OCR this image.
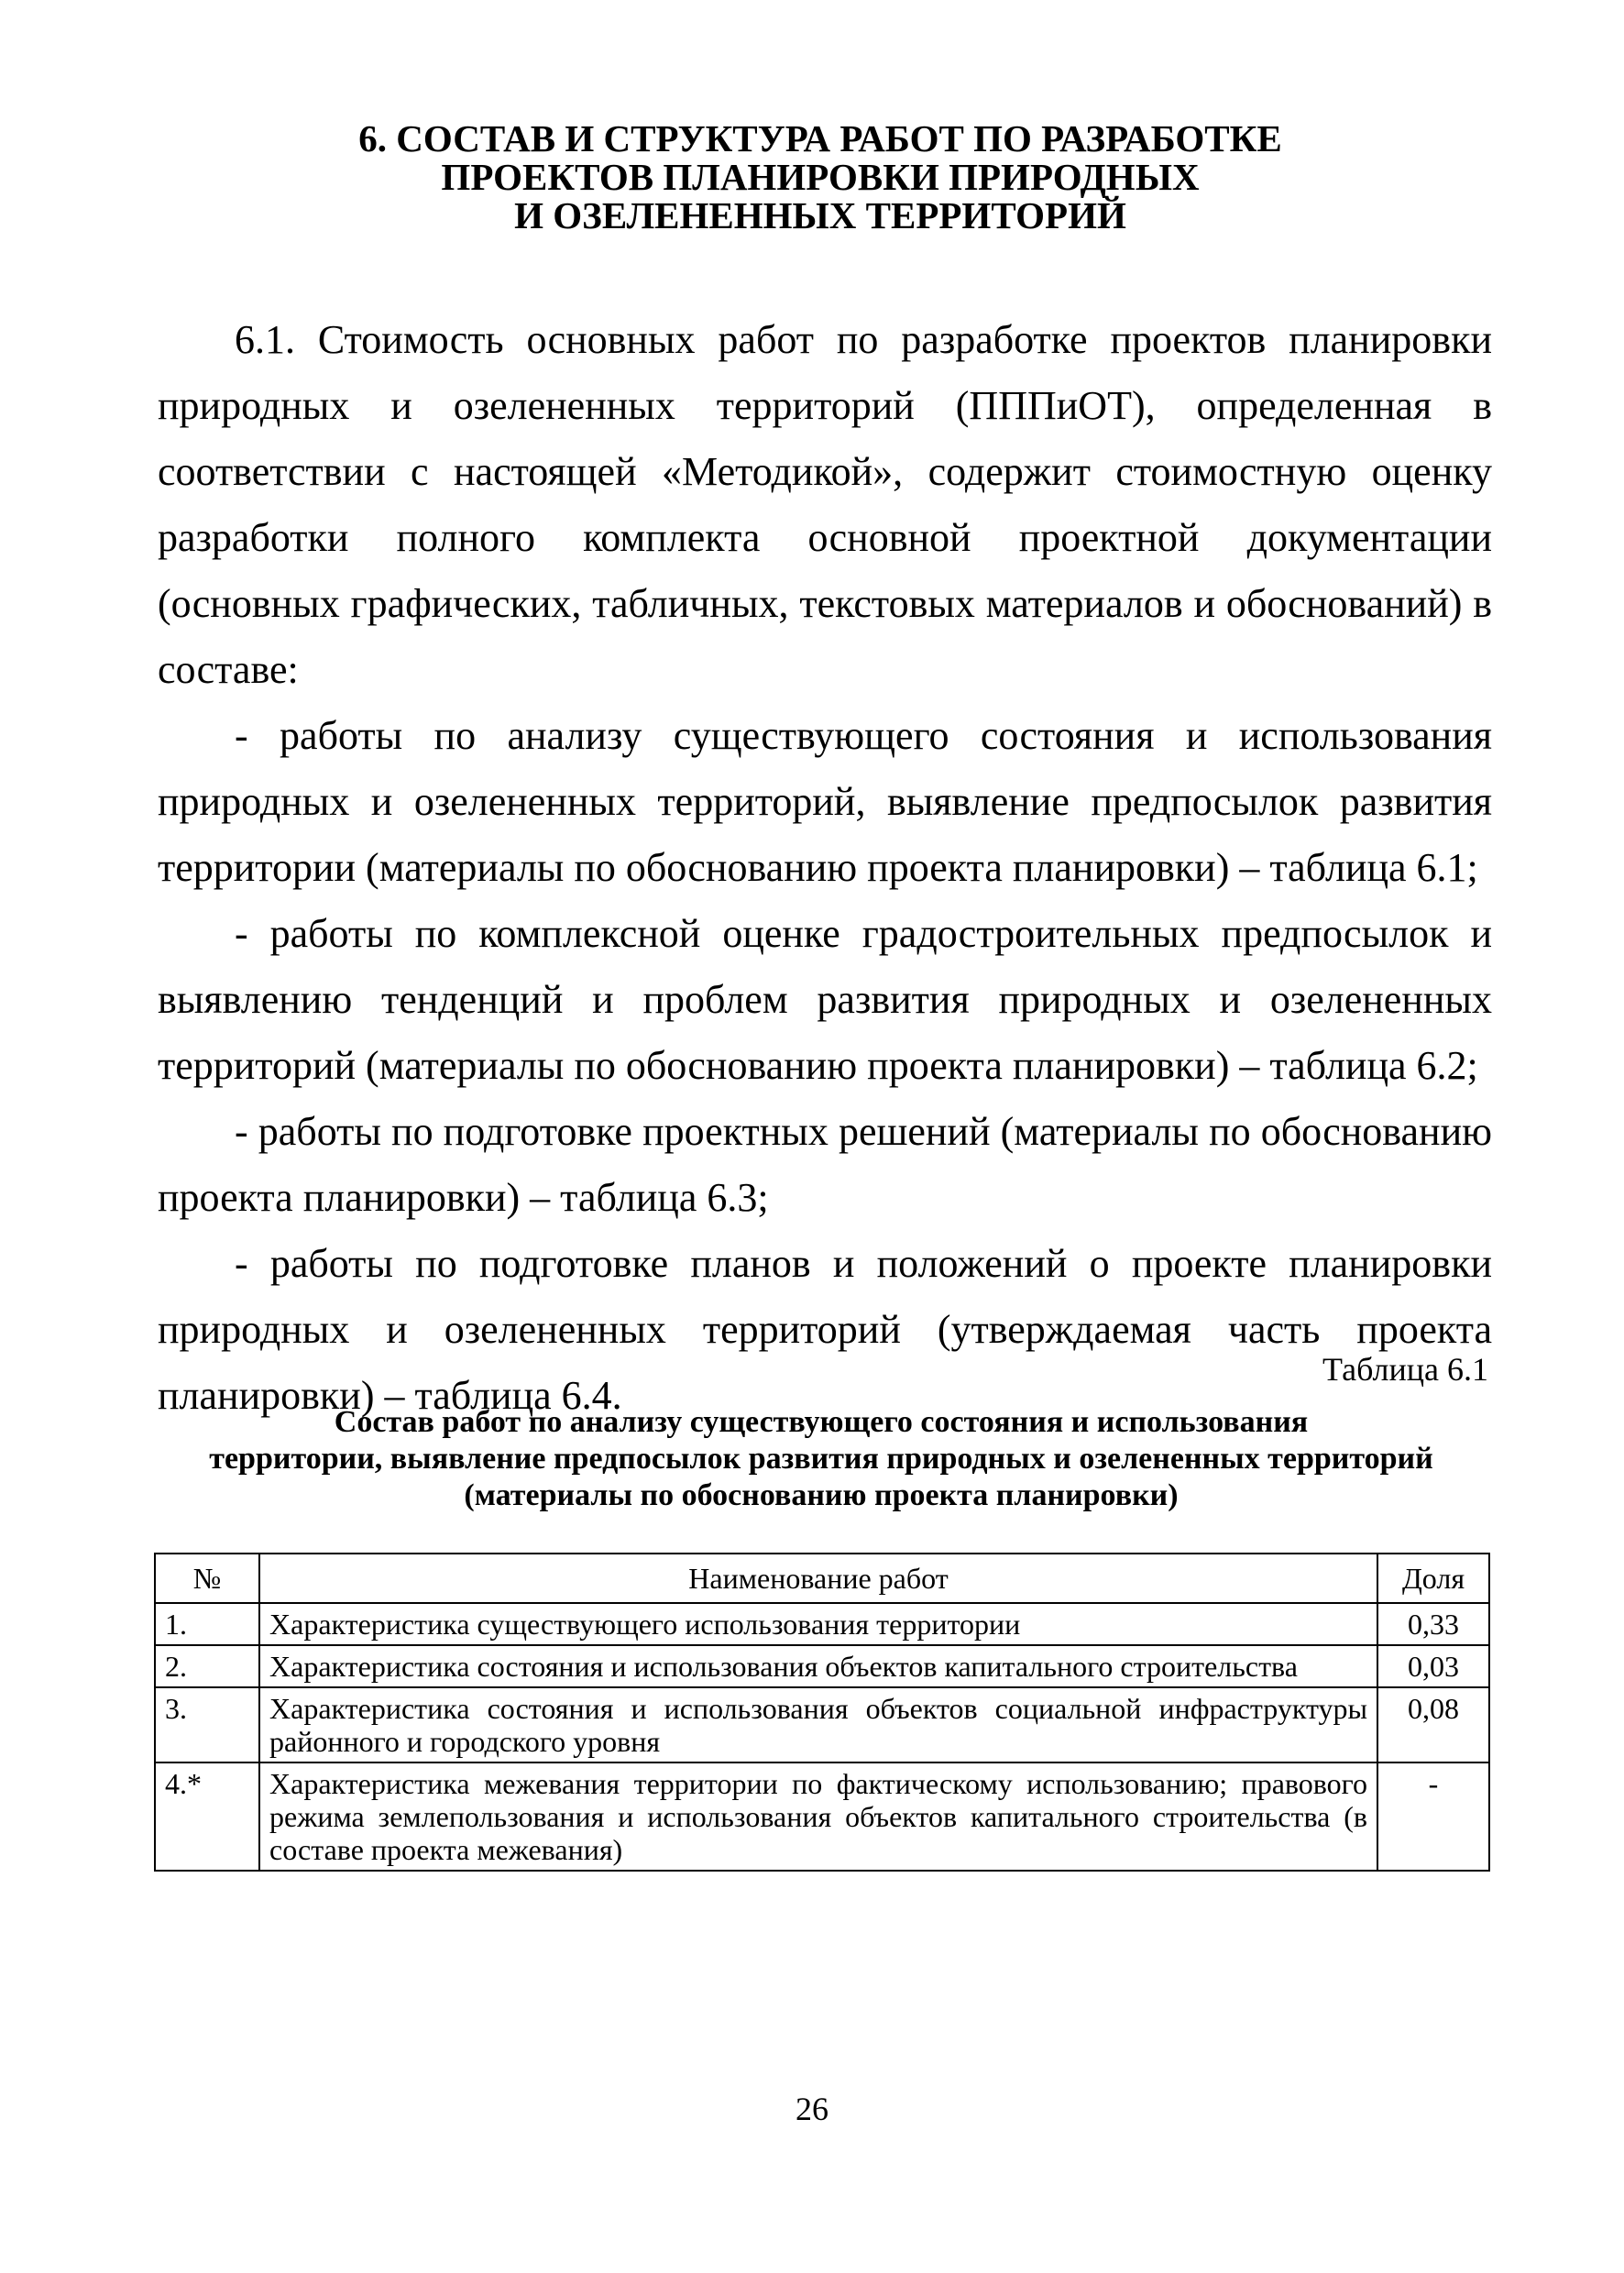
6. СОСТАВ И СТРУКТУРА РАБОТ ПО РАЗРАБОТКЕ
ПРОЕКТОВ ПЛАНИРОВКИ ПРИРОДНЫХ
И ОЗЕЛЕНЕННЫХ ТЕРРИТОРИЙ

6.1. Стоимость основных работ по разработке проектов планировки природных и озелененных территорий (ПППиОТ), определенная в соответствии с настоящей «Методикой», содержит стоимостную оценку разработки полного комплекта основной проектной документации (основных графических, табличных, текстовых материалов и обоснований) в составе:

- работы по анализу существующего состояния и использования природных и озелененных территорий, выявление предпосылок развития территории (материалы по обоснованию проекта планировки) – таблица 6.1;

- работы по комплексной оценке градостроительных предпосылок и выявлению тенденций и проблем развития природных и озелененных территорий (материалы по обоснованию проекта планировки) – таблица 6.2;

- работы по подготовке проектных решений (материалы по обоснованию проекта планировки) – таблица 6.3;

- работы по подготовке планов и положений о проекте планировки природных и озелененных территорий (утверждаемая часть проекта планировки) – таблица 6.4.

Таблица 6.1
Состав работ по анализу существующего состояния и использования
территории, выявление предпосылок развития природных и озелененных территорий
(материалы по обоснованию проекта планировки)
№	Наименование работ	Доля
1.	Характеристика существующего использования территории	0,33
2.	Характеристика состояния и использования объектов капитального строительства	0,03
3.	Характеристика состояния и использования объектов социальной инфраструктуры районного и городского уровня	0,08
4.*	Характеристика межевания территории по фактическому использованию; правового режима землепользования и использования объектов капитального строительства (в составе проекта межевания)	-
26
